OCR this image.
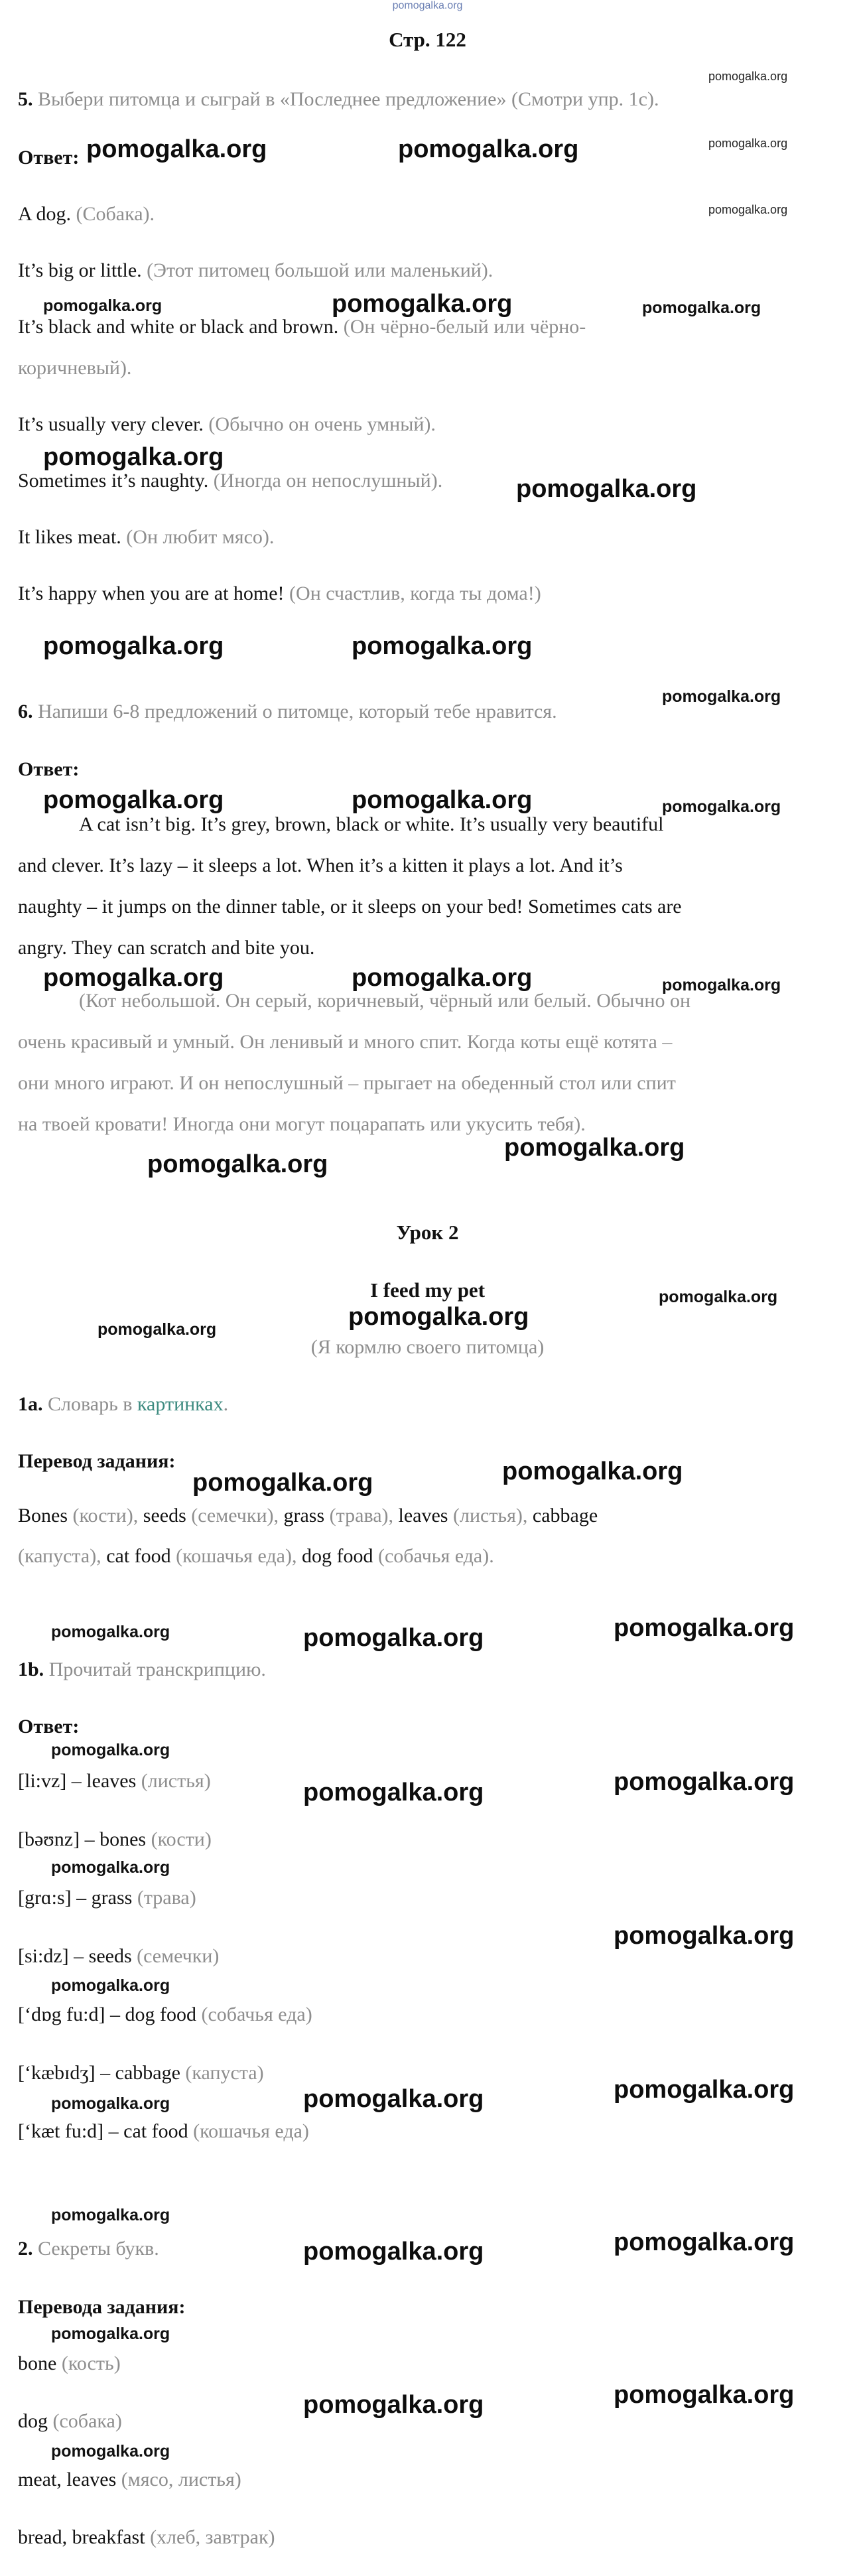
pomogalka.org
Стр. 122
5. Выбери питомца и сыграй в «Последнее предложение» (Смотри упр. 1с).
Ответ:
A dog. (Собака).
It’s big or little. (Этот питомец большой или маленький).
It’s black and white or black and brown. (Он чёрно-белый или чёрно-
коричневый).
It’s usually very clever. (Обычно он очень умный).
Sometimes it’s naughty. (Иногда он непослушный).
It likes meat. (Он любит мясо).
It’s happy when you are at home! (Он счастлив, когда ты дома!)
6. Напиши 6-8 предложений о питомце, который тебе нравится.
Ответ:
A cat isn’t big. It’s grey, brown, black or white. It’s usually very beautiful
and clever. It’s lazy – it sleeps a lot. When it’s a kitten it plays a lot. And it’s
naughty – it jumps on the dinner table, or it sleeps on your bed! Sometimes cats are
angry. They can scratch and bite you.
(Кот небольшой. Он серый, коричневый, чёрный или белый. Обычно он
очень красивый и умный. Он ленивый и много спит. Когда коты ещё котята –
они много играют. И он непослушный – прыгает на обеденный стол или спит
на твоей кровати! Иногда они могут поцарапать или укусить тебя).
Урок 2
I feed my pet
(Я кормлю своего питомца)
1a. Словарь в картинках.
Перевод задания:
Bones (кости), seeds (семечки), grass (трава), leaves (листья), cabbage
(капуста), cat food (кошачья еда), dog food (собачья еда).
1b. Прочитай транскрипцию.
Ответ:
[li:vz] – leaves (листья)
[bəʊnz] – bones (кости)
[grɑ:s] – grass (трава)
[si:dz] – seeds (семечки)
[‘dɒg fu:d] – dog food (собачья еда)
[‘kæbɪdʒ] – cabbage (капуста)
[‘kæt fu:d] – cat food (кошачья еда)
2. Секреты букв.
Перевода задания:
bone (кость)
dog (собака)
meat, leaves (мясо, листья)
bread, breakfast (хлеб, завтрак)
pomogalka.org
pomogalka.org
pomogalka.org
pomogalka.org	pomogalka.org
pomogalka.org	pomogalka.org	pomogalka.org
pomogalka.org
pomogalka.org
pomogalka.org	pomogalka.org
pomogalka.org
pomogalka.org	pomogalka.org	pomogalka.org
pomogalka.org	pomogalka.org	pomogalka.org
pomogalka.org
pomogalka.org
pomogalka.org
pomogalka.org
pomogalka.org
pomogalka.org	pomogalka.org
pomogalka.org	pomogalka.org	pomogalka.org
pomogalka.org
pomogalka.org	pomogalka.org
pomogalka.org
pomogalka.org
pomogalka.org
pomogalka.org	pomogalka.org	pomogalka.org
pomogalka.org
pomogalka.org	pomogalka.org
pomogalka.org
pomogalka.org	pomogalka.org
pomogalka.org
